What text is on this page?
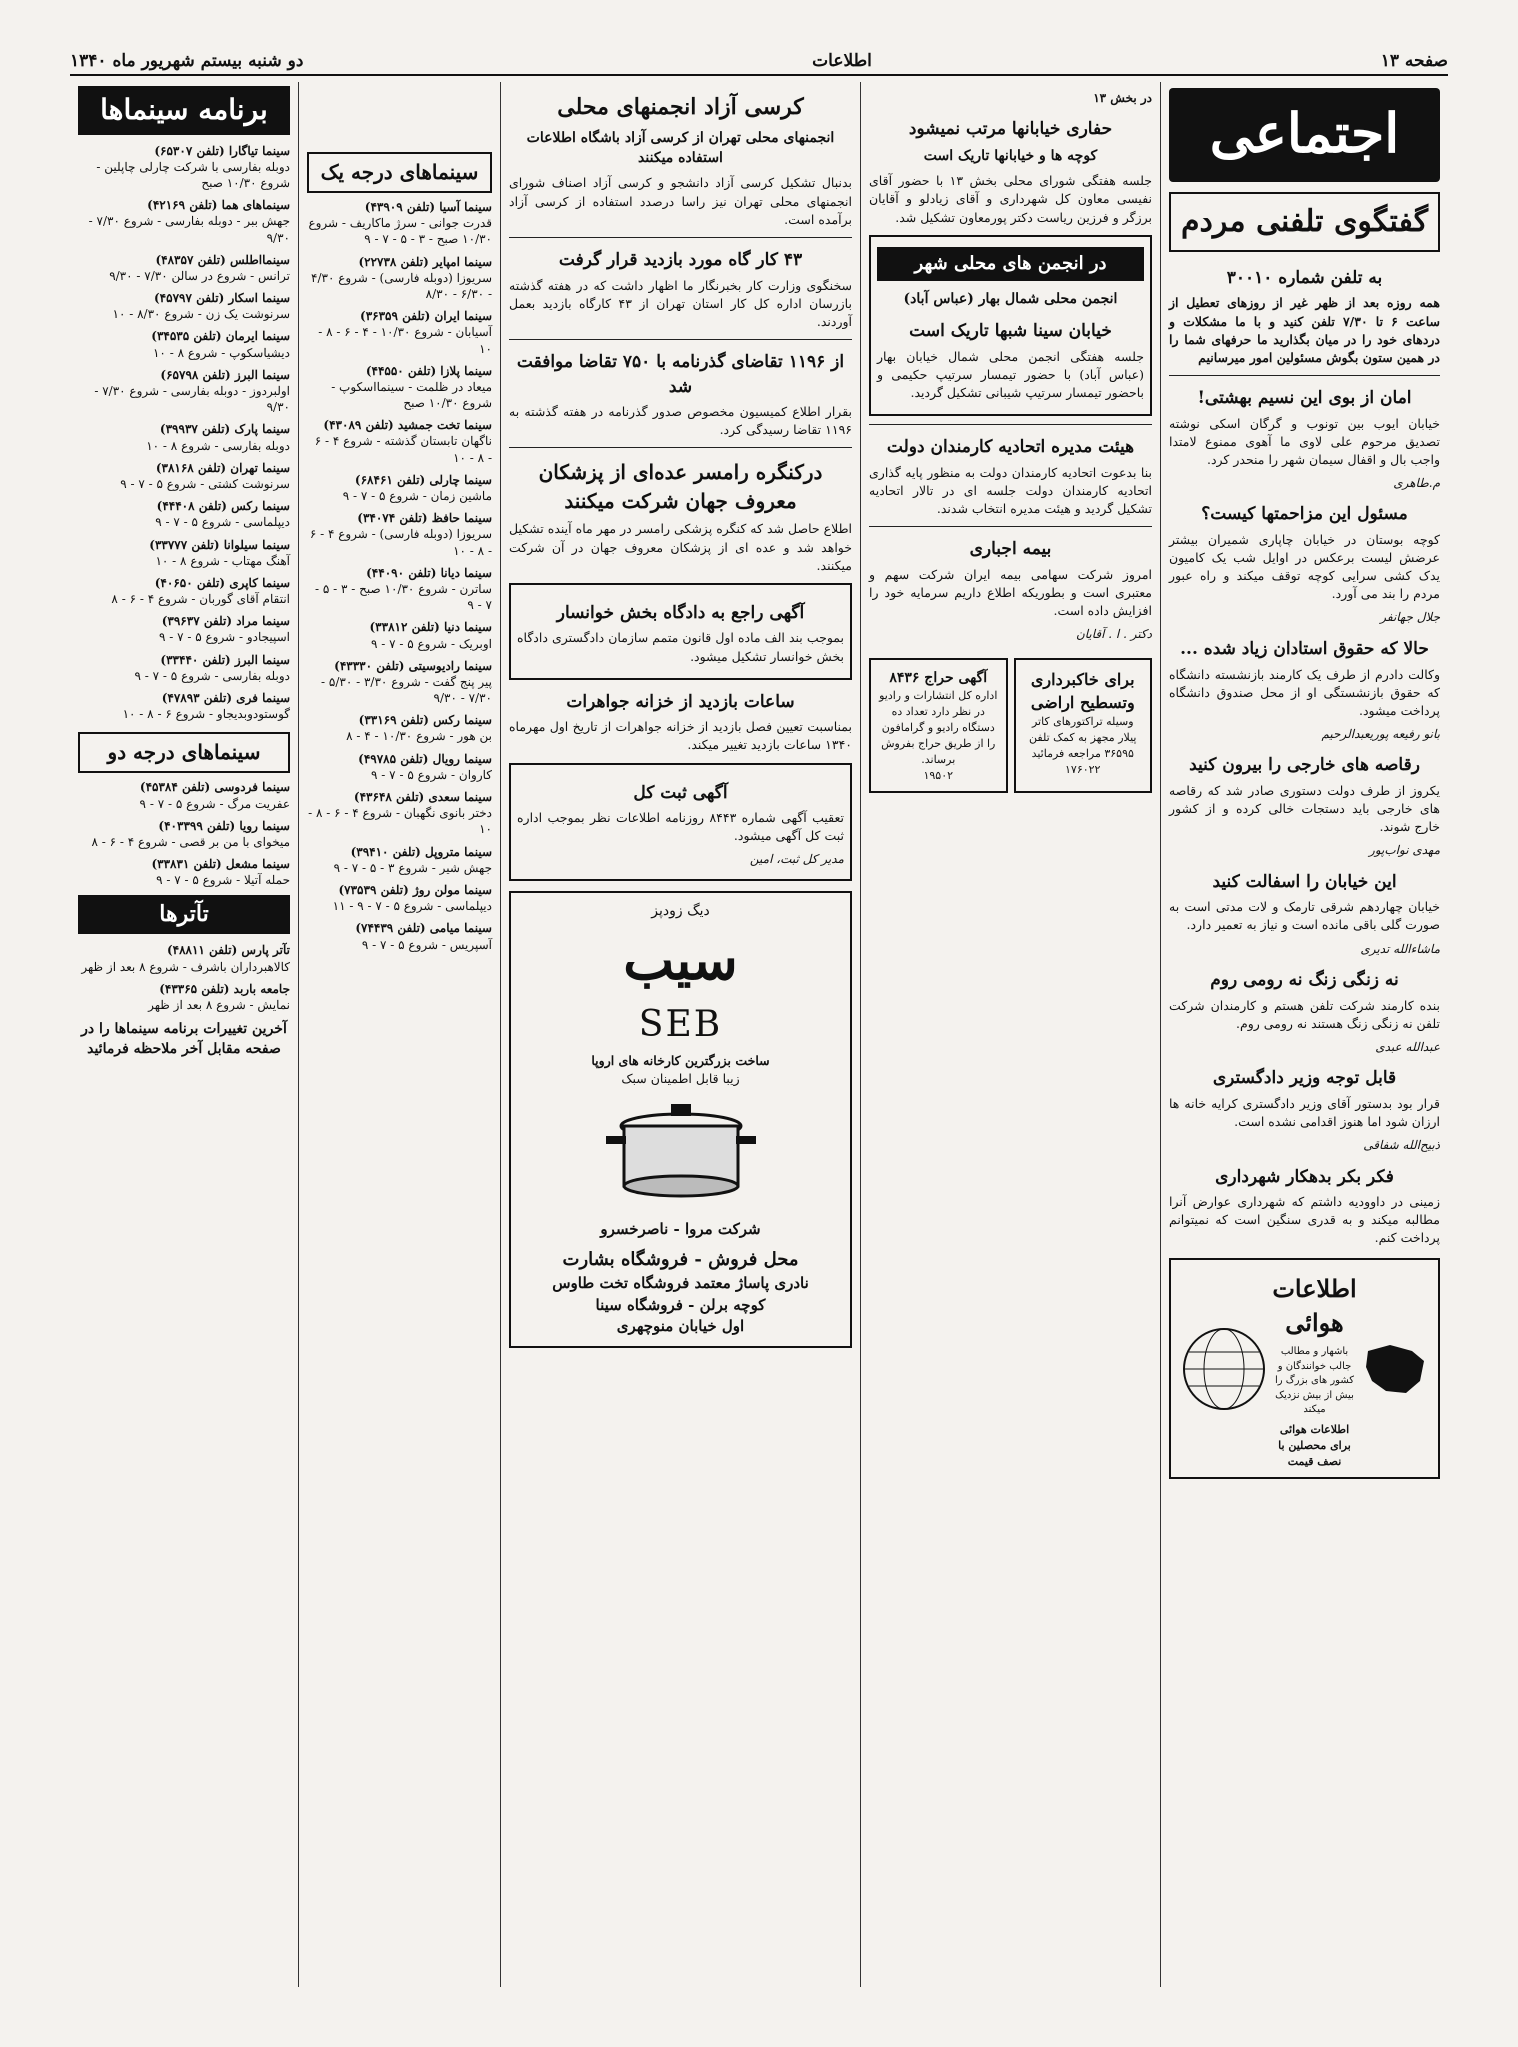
صفحه ۱۳
اطلاعات
دو شنبه بیستم شهریور ماه ۱۳۴۰
اجتماعی
گفتگوی تلفنی مردم
به تلفن شماره ۳۰۰۱۰

همه روزه بعد از ظهر غیر از روزهای تعطیل از ساعت ۶ تا ۷/۳۰ تلفن کنید و با ما مشکلات و دردهای خود را در میان بگذارید ما حرفهای شما را در همین ستون بگوش مسئولین امور میرسانیم

امان از بوی این نسیم بهشتی!

خیابان ایوب بین تونوب و گرگان اسکی نوشته تصدیق مرحوم علی لاوی ما آهوی ممنوع لامتدا واجب بال و اقفال سیمان شهر را منحدر کرد.

م.طاهری
مسئول این مزاحمتها کیست؟

کوچه بوستان در خیابان چاپاری شمیران بیشتر عرضش لیست برعکس در اوایل شب یک کامیون یدک کشی سرایی کوچه توقف میکند و راه عبور مردم را بند می آورد.

جلال جهانفر
حالا که حقوق استادان زیاد شده ...

وکالت دادرم از طرف یک کارمند بازنشسته دانشگاه که حقوق بازنشستگی او از محل صندوق دانشگاه پرداخت میشود.

بانو رفیعه پوریعبدالرحیم
رقاصه های خارجی را بیرون کنید

یکروز از طرف دولت دستوری صادر شد که رقاصه های خارجی باید دستجات خالی کرده و از کشور خارج شوند.

مهدی نواب‌پور
این خیابان را اسفالت کنید

خیابان چهاردهم شرقی تارمک و لات مدتی است به صورت گلی باقی مانده است و نیاز به تعمیر دارد.

ماشاءالله تدیری
نه زنگی زنگ نه رومی روم

بنده کارمند شرکت تلفن هستم و کارمندان شرکت تلفن نه زنگی زنگ هستند نه رومی روم.

عبدالله عبدی
قابل توجه وزیر دادگستری

قرار بود بدستور آقای وزیر دادگستری کرایه خانه ها ارزان شود اما هنوز اقدامی نشده است.

ذبیح‌الله شفاقی
فکر بکر بدهکار شهرداری

زمینی در داوودیه داشتم که شهرداری عوارض آنرا مطالبه میکند و به قدری سنگین است که نمیتوانم پرداخت کنم.

اطلاعات هوائی
باشهار و مطالب جالب خوانندگان و کشور های بزرگ را بیش از بیش نزدیک میکند
اطلاعات هوائی برای محصلین با نصف قیمت
در بخش ۱۳
حفاری خیابانها مرتب نمیشود
کوچه ها و خیابانها تاریک است

جلسه هفتگی شورای محلی بخش ۱۳ با حضور آقای نفیسی معاون کل شهرداری و آقای زیادلو و آقایان برزگر و فرزین ریاست دکتر پورمعاون تشکیل شد.

در انجمن های محلی شهر
انجمن محلی شمال بهار (عباس آباد)
خیابان سینا شبها تاریک است

جلسه هفتگی انجمن محلی شمال خیابان بهار (عباس آباد) با حضور تیمسار سرتیپ حکیمی و باحضور تیمسار سرتیپ شیبانی تشکیل گردید.

هیئت مدیره اتحادیه کارمندان دولت

بنا بدعوت اتحادیه کارمندان دولت به منظور پایه گذاری اتحادیه کارمندان دولت جلسه ای در تالار اتحادیه تشکیل گردید و هیئت مدیره انتخاب شدند.

بیمه اجباری

امروز شرکت سهامی بیمه ایران شرکت سهم و معتبری است و بطوریکه اطلاع داریم سرمایه خود را افزایش داده است.

دکتر . ا . آقایان
برای خاکبرداری وتسطیح اراضی
وسیله تراکتورهای کاتر پیلار مجهز به کمک تلفن ۳۶۵۹۵ مراجعه فرمائید
۱۷۶۰۲۲
آگهی حراج ۸۴۳۶
اداره کل انتشارات و رادیو در نظر دارد تعداد ده دستگاه رادیو و گرامافون را از طریق حراج بفروش برساند.
۱۹۵۰۲
کرسی آزاد انجمنهای محلی
انجمنهای محلی تهران از کرسی آزاد باشگاه اطلاعات استفاده میکنند

بدنبال تشکیل کرسی آزاد دانشجو و کرسی آزاد اصناف شورای انجمنهای محلی تهران نیز راسا درصدد استفاده از کرسی آزاد برآمده است.

۴۳ کار گاه مورد بازدید قرار گرفت

سخنگوی وزارت کار بخبرنگار ما اظهار داشت که در هفته گذشته بازرسان اداره کل کار استان تهران از ۴۳ کارگاه بازدید بعمل آوردند.

از ۱۱۹۶ تقاضای گذرنامه با ۷۵۰ تقاضا موافقت شد

بقرار اطلاع کمیسیون مخصوص صدور گذرنامه در هفته گذشته به ۱۱۹۶ تقاضا رسیدگی کرد.

درکنگره رامسر عده‌ای از پزشکان معروف جهان شرکت میکنند

اطلاع حاصل شد که کنگره پزشکی رامسر در مهر ماه آینده تشکیل خواهد شد و عده ای از پزشکان معروف جهان در آن شرکت میکنند.

آگهی راجع به دادگاه بخش خوانسار

بموجب بند الف ماده اول قانون متمم سازمان دادگستری دادگاه بخش خوانسار تشکیل میشود.

ساعات بازدید از خزانه جواهرات

بمناسبت تعیین فصل بازدید از خزانه جواهرات از تاریخ اول مهرماه ۱۳۴۰ ساعات بازدید تغییر میکند.

آگهی ثبت کل

تعقیب آگهی شماره ۸۴۴۳ روزنامه اطلاعات نظر بموجب اداره ثبت کل آگهی میشود.

مدیر کل ثبت، امین
دیگ زودپز
سیب
SEB
ساخت بزرگترین کارخانه های اروپا
زیبا قابل اطمینان سبک
شرکت مروا - ناصرخسرو
محل فروش - فروشگاه بشارت
نادری پاساژ معتمد فروشگاه تخت طاوس
کوچه برلن - فروشگاه سینا
اول خیابان منوچهری
سینماهای درجه یک
سینما آسیا (تلفن ۴۳۹۰۹)
قدرت جوانی - سرژ ماکاریف - شروع ۱۰/۳۰ صبح - ۳ - ۵ - ۷ - ۹
سینما امپایر (تلفن ۲۲۷۳۸)
سریوزا (دوبله فارسی) - شروع ۴/۳۰ - ۶/۳۰ - ۸/۳۰
سینما ایران (تلفن ۳۶۳۵۹)
آسیابان - شروع ۱۰/۳۰ - ۴ - ۶ - ۸ - ۱۰
سینما پلازا (تلفن ۴۴۵۵۰)
میعاد در ظلمت - سینمااسکوپ - شروع ۱۰/۳۰ صبح
سینما تخت جمشید (تلفن ۴۳۰۸۹)
ناگهان تابستان گذشته - شروع ۴ - ۶ - ۸ - ۱۰
سینما چارلی (تلفن ۶۸۴۶۱)
ماشین زمان - شروع ۵ - ۷ - ۹
سینما حافظ (تلفن ۳۴۰۷۴)
سریوزا (دوبله فارسی) - شروع ۴ - ۶ - ۸ - ۱۰
سینما دیانا (تلفن ۴۴۰۹۰)
ساترن - شروع ۱۰/۳۰ صبح - ۳ - ۵ - ۷ - ۹
سینما دنیا (تلفن ۳۳۸۱۲)
اوبریک - شروع ۵ - ۷ - ۹
سینما رادیوسیتی (تلفن ۴۳۳۳۰)
پیر پنج گفت - شروع ۳/۳۰ - ۵/۳۰ - ۷/۳۰ - ۹/۳۰
سینما رکس (تلفن ۳۳۱۶۹)
بن هور - شروع ۱۰/۳۰ - ۴ - ۸
سینما رویال (تلفن ۴۹۷۸۵)
کاروان - شروع ۵ - ۷ - ۹
سینما سعدی (تلفن ۴۳۶۴۸)
دختر بانوی نگهبان - شروع ۴ - ۶ - ۸ - ۱۰
سینما متروپل (تلفن ۳۹۴۱۰)
جهش شیر - شروع ۳ - ۵ - ۷ - ۹
سینما مولن روژ (تلفن ۷۳۵۳۹)
دیپلماسی - شروع ۵ - ۷ - ۹ - ۱۱
سینما میامی (تلفن ۷۴۴۳۹)
آسپریس - شروع ۵ - ۷ - ۹
برنامه سینماها
سینما تیاگارا (تلفن ۶۵۳۰۷)
دوبله بفارسی با شرکت چارلی چاپلین - شروع ۱۰/۳۰ صبح
سینماهای هما (تلفن ۴۲۱۶۹)
جهش ببر - دوبله بفارسی - شروع ۷/۳۰ - ۹/۳۰
سینمااطلس (تلفن ۴۸۳۵۷)
ترانس - شروع در سالن ۷/۳۰ - ۹/۳۰
سینما اسکار (تلفن ۴۵۷۹۷)
سرنوشت یک زن - شروع ۸/۳۰ - ۱۰
سینما ایرمان (تلفن ۳۴۵۳۵)
دیشیاسکوپ - شروع ۸ - ۱۰
سینما البرز (تلفن ۶۵۷۹۸)
اولبردوز - دوبله بفارسی - شروع ۷/۳۰ - ۹/۳۰
سینما پارک (تلفن ۳۹۹۳۷)
دوبله بفارسی - شروع ۸ - ۱۰
سینما تهران (تلفن ۳۸۱۶۸)
سرنوشت کشتی - شروع ۵ - ۷ - ۹
سینما رکس (تلفن ۴۴۴۰۸)
دیپلماسی - شروع ۵ - ۷ - ۹
سینما سیلوانا (تلفن ۳۳۷۷۷)
آهنگ مهتاب - شروع ۸ - ۱۰
سینما کاپری (تلفن ۴۰۶۵۰)
انتقام آقای گوربان - شروع ۴ - ۶ - ۸
سینما مراد (تلفن ۳۹۶۳۷)
اسپیجادو - شروع ۵ - ۷ - ۹
سینما البرز (تلفن ۳۳۴۴۰)
دوبله بفارسی - شروع ۵ - ۷ - ۹
سینما فری (تلفن ۴۷۸۹۳)
گوستودوبدیجاو - شروع ۶ - ۸ - ۱۰
سینماهای درجه دو
سینما فردوسی (تلفن ۴۵۳۸۴)
عفریت مرگ - شروع ۵ - ۷ - ۹
سینما رویا (تلفن ۴۰۳۳۹۹)
میخوای با من بر قصی - شروع ۴ - ۶ - ۸
سینما مشعل (تلفن ۳۳۸۳۱)
حمله آتیلا - شروع ۵ - ۷ - ۹
تآترها
تآتر پارس (تلفن ۴۸۸۱۱)
کالاهبرداران باشرف - شروع ۸ بعد از ظهر
جامعه باربد (تلفن ۴۳۳۶۵)
نمایش - شروع ۸ بعد از ظهر
آخرین تغییرات برنامه سینماها را در صفحه مقابل آخر ملاحظه فرمائید
